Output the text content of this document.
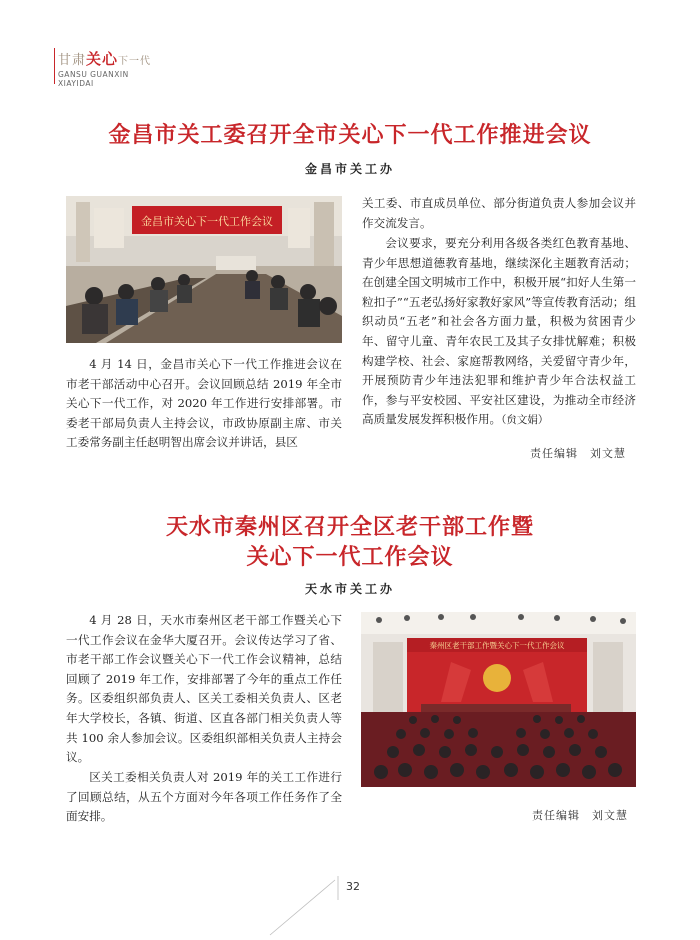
甘肃关心下一代
GANSU GUANXIN
XIAYIDAI
金昌市关工委召开全市关心下一代工作推进会议
金昌市关工办
金昌市关心下一代工作会议

4 月 14 日，金昌市关心下一代工作推进会议在市老干部活动中心召开。会议回顾总结 2019 年全市关心下一代工作，对 2020 年工作进行安排部署。市委老干部局负责人主持会议，市政协原副主席、市关工委常务副主任赵明智出席会议并讲话，县区

关工委、市直成员单位、部分街道负责人参加会议并作交流发言。

会议要求，要充分利用各级各类红色教育基地、青少年思想道德教育基地，继续深化主题教育活动；在创建全国文明城市工作中，积极开展“扣好人生第一粒扣子”“五老弘扬好家教好家风”等宣传教育活动；组织动员“五老”和社会各方面力量，积极为贫困青少年、留守儿童、青年农民工及其子女排忧解难；积极构建学校、社会、家庭帮教网络，关爱留守青少年，开展预防青少年违法犯罪和维护青少年合法权益工作，参与平安校园、平安社区建设，为推动全市经济高质量发展发挥积极作用。（贠文娟）

责任编辑　刘文慧
天水市秦州区召开全区老干部工作暨
关心下一代工作会议
天水市关工办

4 月 28 日，天水市秦州区老干部工作暨关心下一代工作会议在金华大厦召开。会议传达学习了省、市老干部工作会议暨关心下一代工作会议精神，总结回顾了 2019 年工作，安排部署了今年的重点工作任务。区委组织部负责人、区关工委相关负责人、区老年大学校长，各镇、街道、区直各部门相关负责人等共 100 余人参加会议。区委组织部相关负责人主持会议。

区关工委相关负责人对 2019 年的关工工作进行了回顾总结，从五个方面对今年各项工作任务作了全面安排。

秦州区老干部工作暨关心下一代工作会议
责任编辑　刘文慧
32
